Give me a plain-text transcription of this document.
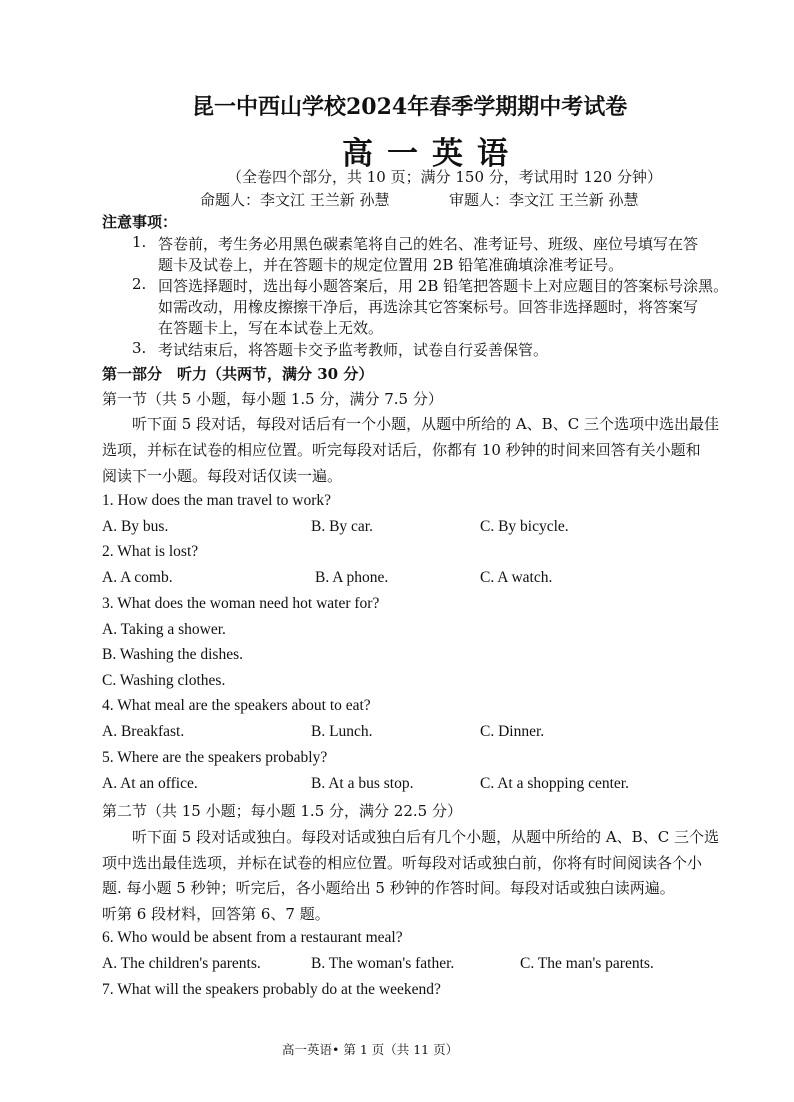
昆一中西山学校2024年春季学期期中考试卷
高一英语
（全卷四个部分，共 10 页；满分 150 分，考试用时 120 分钟）
命题人：李文江 王兰新 孙慧	审题人：李文江 王兰新 孙慧
注意事项：
1. 答卷前，考生务必用黑色碳素笔将自己的姓名、准考证号、班级、座位号填写在答
题卡及试卷上，并在答题卡的规定位置用 2B 铅笔准确填涂准考证号。
2. 回答选择题时，选出每小题答案后，用 2B 铅笔把答题卡上对应题目的答案标号涂黑。
如需改动，用橡皮擦擦干净后，再选涂其它答案标号。回答非选择题时，将答案写
在答题卡上，写在本试卷上无效。
3. 考试结束后，将答题卡交予监考教师，试卷自行妥善保管。
第一部分　听力（共两节，满分 30 分）
第一节（共 5 小题，每小题 1.5 分，满分 7.5 分）
听下面 5 段对话，每段对话后有一个小题，从题中所给的 A、B、C 三个选项中选出最佳
选项，并标在试卷的相应位置。听完每段对话后，你都有 10 秒钟的时间来回答有关小题和
阅读下一小题。每段对话仅读一遍。
1. How does the man travel to work?
A. By bus.	B. By car.	C. By bicycle.
2. What is lost?
A. A comb.	B. A phone.	C. A watch.
3. What does the woman need hot water for?
A. Taking a shower.
B. Washing the dishes.
C. Washing clothes.
4. What meal are the speakers about to eat?
A. Breakfast.	B. Lunch.	C. Dinner.
5. Where are the speakers probably?
A. At an office.	B. At a bus stop.	C. At a shopping center.
第二节（共 15 小题；每小题 1.5 分，满分 22.5 分）
听下面 5 段对话或独白。每段对话或独白后有几个小题，从题中所给的 A、B、C 三个选
项中选出最佳选项，并标在试卷的相应位置。听每段对话或独白前，你将有时间阅读各个小
题. 每小题 5 秒钟；听完后，各小题给出 5 秒钟的作答时间。每段对话或独白读两遍。
听第 6 段材料，回答第 6、7 题。
6. Who would be absent from a restaurant meal?
A. The children's parents.	B. The woman's father.	C. The man's parents.
7. What will the speakers probably do at the weekend?
高一英语• 第 1 页（共 11 页）
